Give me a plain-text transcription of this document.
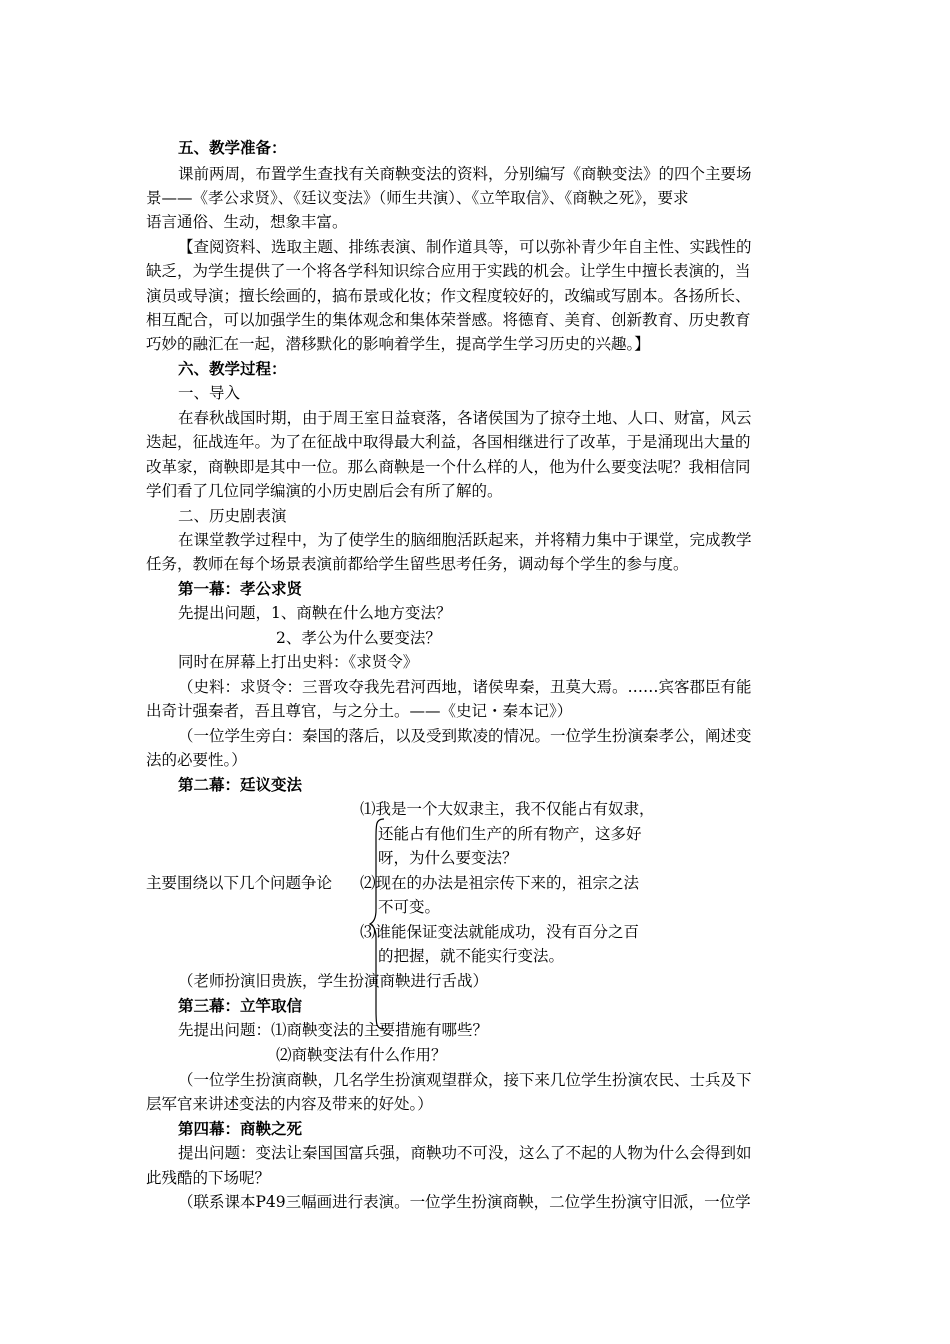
五、教学准备：

课前两周，布置学生查找有关商鞅变法的资料，分别编写《商鞅变法》的四个主要场

景——《孝公求贤》、《廷议变法》（师生共演）、《立竿取信》、《商鞅之死》，要求

语言通俗、生动，想象丰富。

【查阅资料、选取主题、排练表演、制作道具等，可以弥补青少年自主性、实践性的

缺乏，为学生提供了一个将各学科知识综合应用于实践的机会。让学生中擅长表演的，当

演员或导演；擅长绘画的，搞布景或化妆；作文程度较好的，改编或写剧本。各扬所长、

相互配合，可以加强学生的集体观念和集体荣誉感。将德育、美育、创新教育、历史教育

巧妙的融汇在一起，潜移默化的影响着学生，提高学生学习历史的兴趣。】

六、教学过程：

一、导入

在春秋战国时期，由于周王室日益衰落，各诸侯国为了掠夺土地、人口、财富，风云

迭起，征战连年。为了在征战中取得最大利益，各国相继进行了改革，于是涌现出大量的

改革家，商鞅即是其中一位。那么商鞅是一个什么样的人，他为什么要变法呢？我相信同

学们看了几位同学编演的小历史剧后会有所了解的。

二、历史剧表演

在课堂教学过程中，为了使学生的脑细胞活跃起来，并将精力集中于课堂，完成教学

任务，教师在每个场景表演前都给学生留些思考任务，调动每个学生的参与度。

第一幕：孝公求贤

先提出问题，1、商鞅在什么地方变法？

2、孝公为什么要变法？

同时在屏幕上打出史料：《求贤令》

（史料：求贤令：三晋攻夺我先君河西地，诸侯卑秦，丑莫大焉。……宾客郡臣有能

出奇计强秦者，吾且尊官，与之分土。——《史记・秦本记》）

（一位学生旁白：秦国的落后，以及受到欺凌的情况。一位学生扮演秦孝公，阐述变

法的必要性。）

第二幕：廷议变法

⑴我是一个大奴隶主，我不仅能占有奴隶，

还能占有他们生产的所有物产，这多好

呀，为什么要变法？

主要围绕以下几个问题争论 ⑵现在的办法是祖宗传下来的，祖宗之法

不可变。

⑶谁能保证变法就能成功，没有百分之百

的把握，就不能实行变法。

（老师扮演旧贵族，学生扮演商鞅进行舌战）

第三幕：立竿取信

先提出问题：⑴商鞅变法的主要措施有哪些？

⑵商鞅变法有什么作用？

（一位学生扮演商鞅，几名学生扮演观望群众，接下来几位学生扮演农民、士兵及下

层军官来讲述变法的内容及带来的好处。）

第四幕：商鞅之死

提出问题：变法让秦国国富兵强，商鞅功不可没，这么了不起的人物为什么会得到如

此残酷的下场呢？

（联系课本P49三幅画进行表演。一位学生扮演商鞅，二位学生扮演守旧派，一位学
